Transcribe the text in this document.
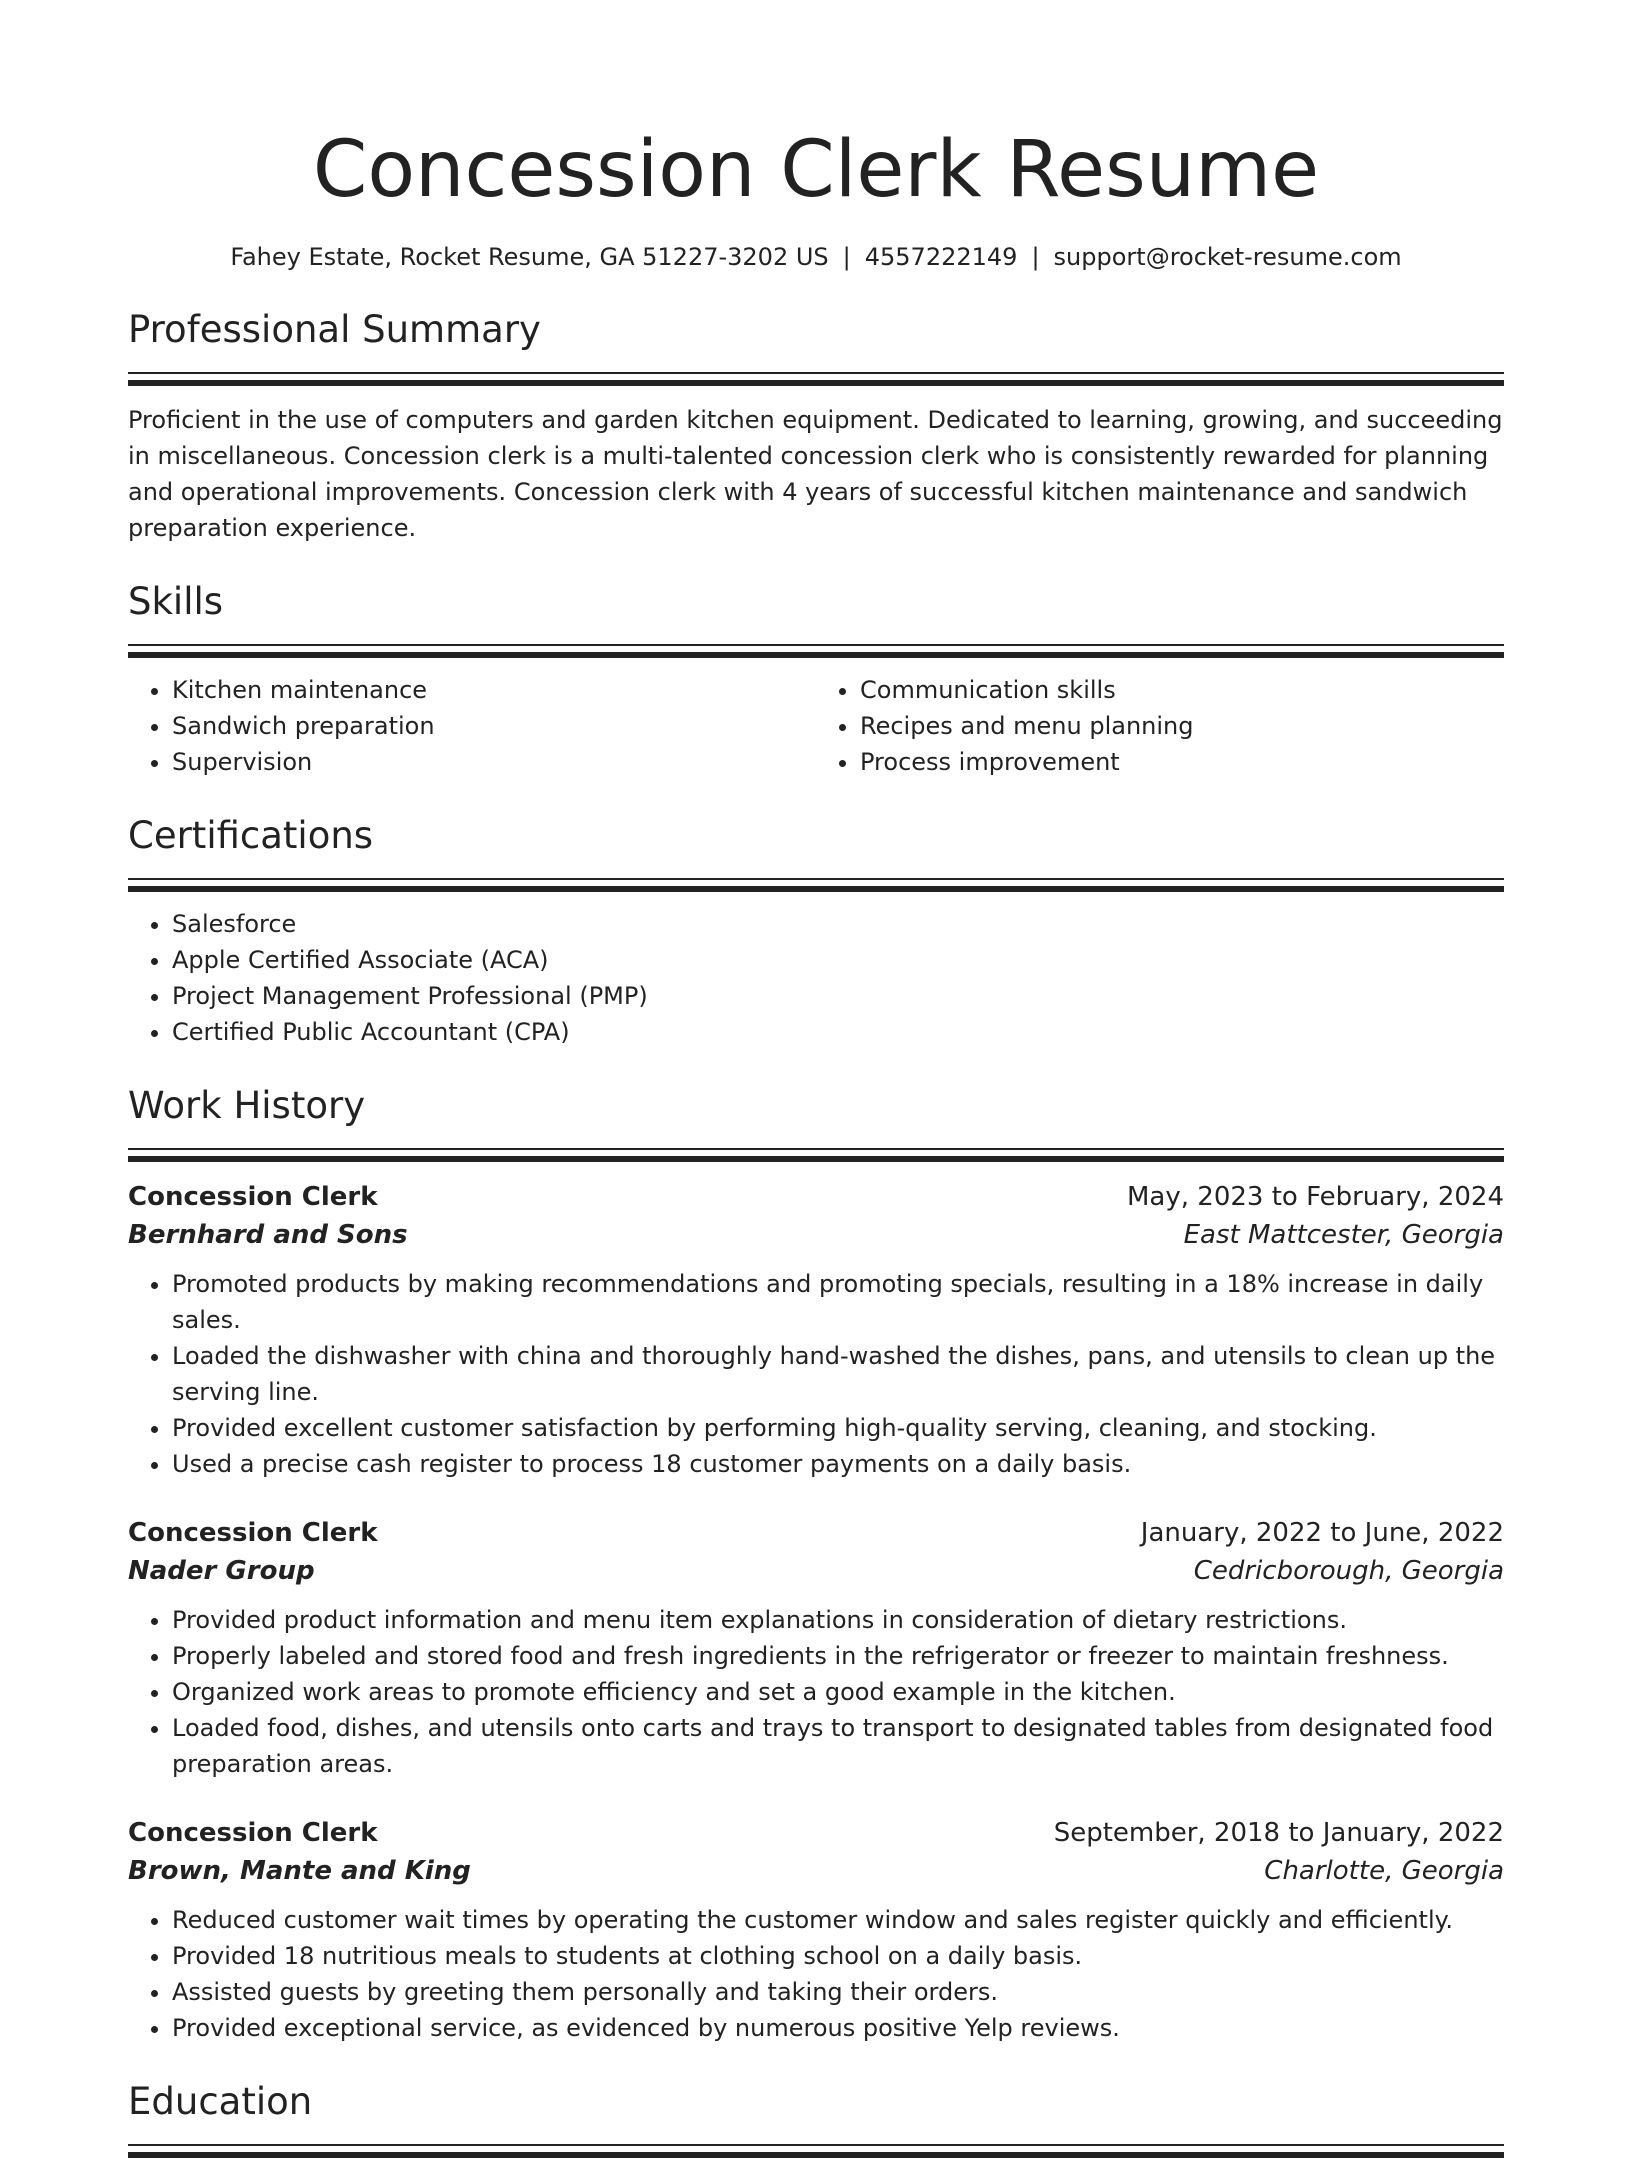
Concession Clerk Resume
Fahey Estate, Rocket Resume, GA 51227-3202 US | 4557222149 | support@rocket-resume.com
Professional Summary
Proficient in the use of computers and garden kitchen equipment. Dedicated to learning, growing, and succeeding in miscellaneous. Concession clerk is a multi-talented concession clerk who is consistently rewarded for planning and operational improvements. Concession clerk with 4 years of successful kitchen maintenance and sandwich preparation experience.
Skills
• Kitchen maintenance
• Sandwich preparation
• Supervision
• Communication skills
• Recipes and menu planning
• Process improvement
Certifications
• Salesforce
• Apple Certified Associate (ACA)
• Project Management Professional (PMP)
• Certified Public Accountant (CPA)
Work History
Concession Clerk	May, 2023 to February, 2024
Bernhard and Sons	East Mattcester, Georgia
• Promoted products by making recommendations and promoting specials, resulting in a 18% increase in daily sales.
• Loaded the dishwasher with china and thoroughly hand-washed the dishes, pans, and utensils to clean up the serving line.
• Provided excellent customer satisfaction by performing high-quality serving, cleaning, and stocking.
• Used a precise cash register to process 18 customer payments on a daily basis.
Concession Clerk	January, 2022 to June, 2022
Nader Group	Cedricborough, Georgia
• Provided product information and menu item explanations in consideration of dietary restrictions.
• Properly labeled and stored food and fresh ingredients in the refrigerator or freezer to maintain freshness.
• Organized work areas to promote efficiency and set a good example in the kitchen.
• Loaded food, dishes, and utensils onto carts and trays to transport to designated tables from designated food preparation areas.
Concession Clerk	September, 2018 to January, 2022
Brown, Mante and King	Charlotte, Georgia
• Reduced customer wait times by operating the customer window and sales register quickly and efficiently.
• Provided 18 nutritious meals to students at clothing school on a daily basis.
• Assisted guests by greeting them personally and taking their orders.
• Provided exceptional service, as evidenced by numerous positive Yelp reviews.
Education
